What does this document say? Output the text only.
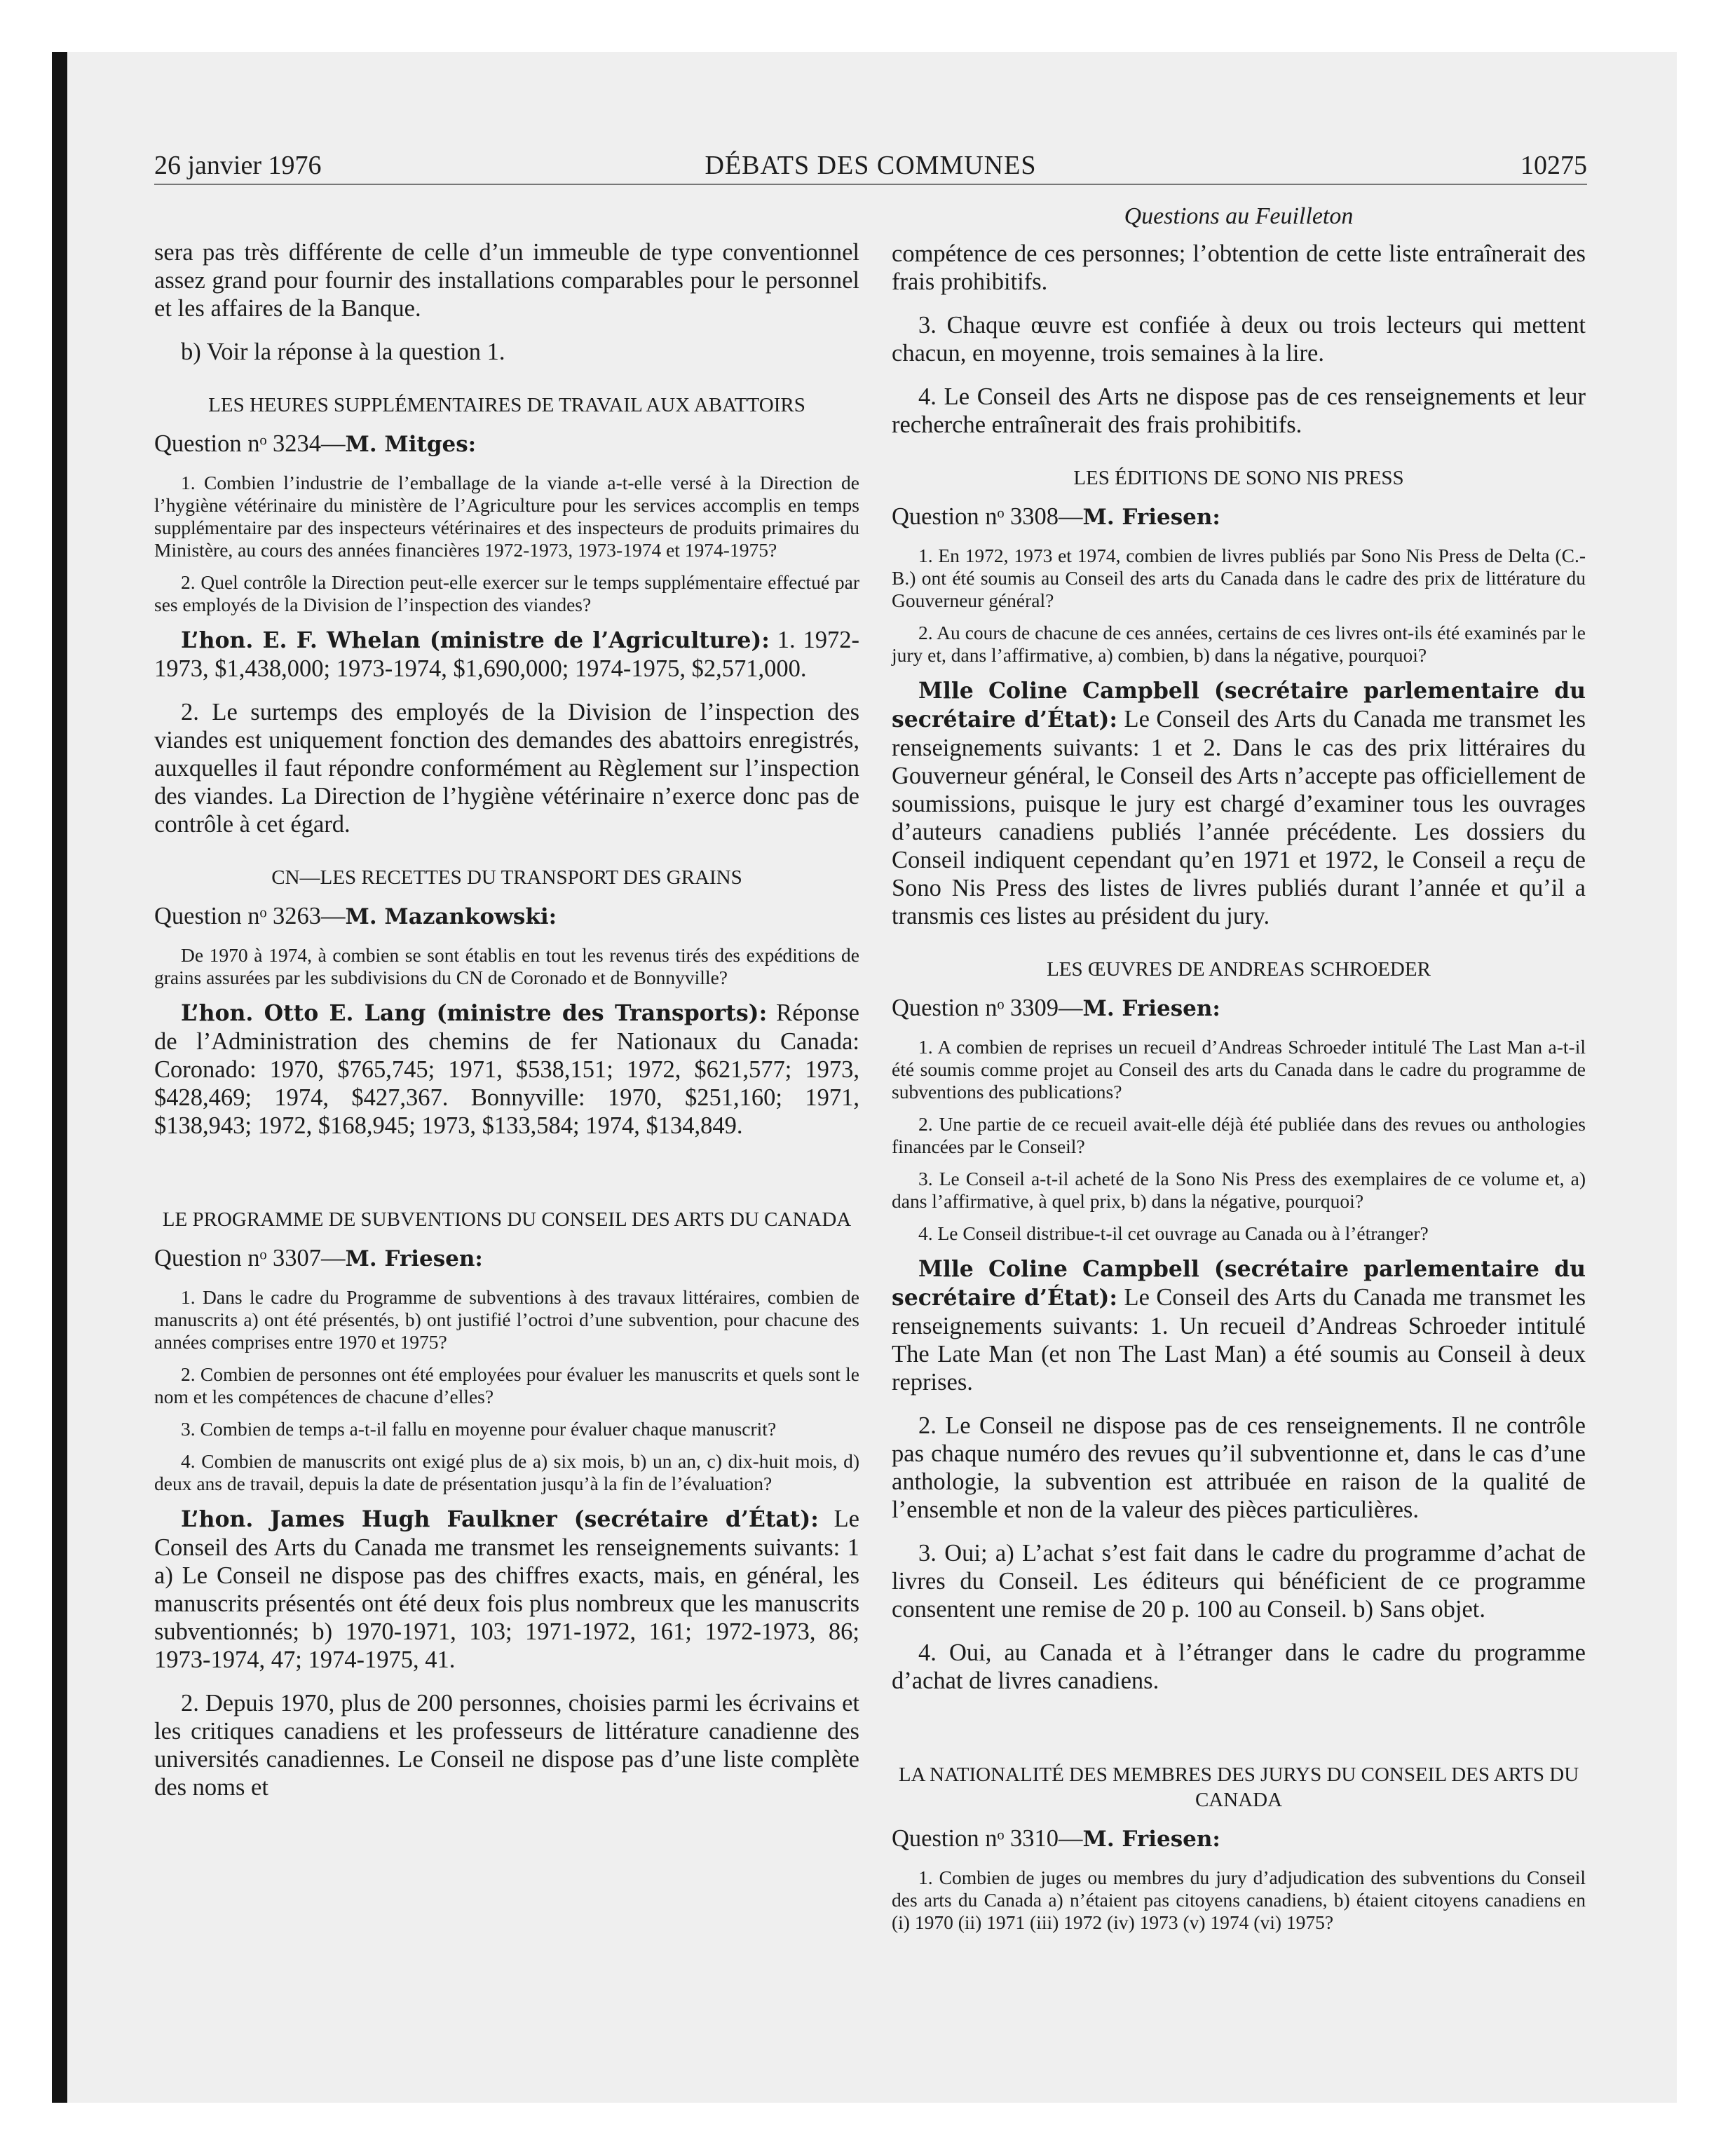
26 janvier 1976	DÉBATS DES COMMUNES	10275

sera pas très différente de celle d’un immeuble de type conventionnel assez grand pour fournir des installations comparables pour le personnel et les affaires de la Banque.

b) Voir la réponse à la question 1.

LES HEURES SUPPLÉMENTAIRES DE TRAVAIL AUX ABATTOIRS
Question nᵒ 3234—M. Mitges:

1. Combien l’industrie de l’emballage de la viande a-t-elle versé à la Direction de l’hygiène vétérinaire du ministère de l’Agriculture pour les services accomplis en temps supplémentaire par des inspecteurs vétérinaires et des inspecteurs de produits primaires du Ministère, au cours des années financières 1972-1973, 1973-1974 et 1974-1975?

2. Quel contrôle la Direction peut-elle exercer sur le temps supplémentaire effectué par ses employés de la Division de l’inspection des viandes?

L’hon. E. F. Whelan (ministre de l’Agriculture): 1. 1972-1973, $1,438,000; 1973-1974, $1,690,000; 1974-1975, $2,571,000.

2. Le surtemps des employés de la Division de l’inspection des viandes est uniquement fonction des demandes des abattoirs enregistrés, auxquelles il faut répondre conformément au Règlement sur l’inspection des viandes. La Direction de l’hygiène vétérinaire n’exerce donc pas de contrôle à cet égard.

CN—LES RECETTES DU TRANSPORT DES GRAINS
Question nᵒ 3263—M. Mazankowski:

De 1970 à 1974, à combien se sont établis en tout les revenus tirés des expéditions de grains assurées par les subdivisions du CN de Coronado et de Bonnyville?

L’hon. Otto E. Lang (ministre des Transports): Réponse de l’Administration des chemins de fer Nationaux du Canada: Coronado: 1970, $765,745; 1971, $538,151; 1972, $621,577; 1973, $428,469; 1974, $427,367. Bonnyville: 1970, $251,160; 1971, $138,943; 1972, $168,945; 1973, $133,584; 1974, $134,849.

LE PROGRAMME DE SUBVENTIONS DU CONSEIL DES ARTS DU CANADA
Question nᵒ 3307—M. Friesen:

1. Dans le cadre du Programme de subventions à des travaux littéraires, combien de manuscrits a) ont été présentés, b) ont justifié l’octroi d’une subvention, pour chacune des années comprises entre 1970 et 1975?

2. Combien de personnes ont été employées pour évaluer les manuscrits et quels sont le nom et les compétences de chacune d’elles?

3. Combien de temps a-t-il fallu en moyenne pour évaluer chaque manuscrit?

4. Combien de manuscrits ont exigé plus de a) six mois, b) un an, c) dix-huit mois, d) deux ans de travail, depuis la date de présentation jusqu’à la fin de l’évaluation?

L’hon. James Hugh Faulkner (secrétaire d’État): Le Conseil des Arts du Canada me transmet les renseignements suivants: 1 a) Le Conseil ne dispose pas des chiffres exacts, mais, en général, les manuscrits présentés ont été deux fois plus nombreux que les manuscrits subventionnés; b) 1970-1971, 103; 1971-1972, 161; 1972-1973, 86; 1973-1974, 47; 1974-1975, 41.

2. Depuis 1970, plus de 200 personnes, choisies parmi les écrivains et les critiques canadiens et les professeurs de littérature canadienne des universités canadiennes. Le Conseil ne dispose pas d’une liste complète des noms et

Questions au Feuilleton

compétence de ces personnes; l’obtention de cette liste entraînerait des frais prohibitifs.

3. Chaque œuvre est confiée à deux ou trois lecteurs qui mettent chacun, en moyenne, trois semaines à la lire.

4. Le Conseil des Arts ne dispose pas de ces renseignements et leur recherche entraînerait des frais prohibitifs.

LES ÉDITIONS DE SONO NIS PRESS
Question nᵒ 3308—M. Friesen:

1. En 1972, 1973 et 1974, combien de livres publiés par Sono Nis Press de Delta (C.-B.) ont été soumis au Conseil des arts du Canada dans le cadre des prix de littérature du Gouverneur général?

2. Au cours de chacune de ces années, certains de ces livres ont-ils été examinés par le jury et, dans l’affirmative, a) combien, b) dans la négative, pourquoi?

Mlle Coline Campbell (secrétaire parlementaire du secrétaire d’État): Le Conseil des Arts du Canada me transmet les renseignements suivants: 1 et 2. Dans le cas des prix littéraires du Gouverneur général, le Conseil des Arts n’accepte pas officiellement de soumissions, puisque le jury est chargé d’examiner tous les ouvrages d’auteurs canadiens publiés l’année précédente. Les dossiers du Conseil indiquent cependant qu’en 1971 et 1972, le Conseil a reçu de Sono Nis Press des listes de livres publiés durant l’année et qu’il a transmis ces listes au président du jury.

LES ŒUVRES DE ANDREAS SCHROEDER
Question nᵒ 3309—M. Friesen:

1. A combien de reprises un recueil d’Andreas Schroeder intitulé The Last Man a-t-il été soumis comme projet au Conseil des arts du Canada dans le cadre du programme de subventions des publications?

2. Une partie de ce recueil avait-elle déjà été publiée dans des revues ou anthologies financées par le Conseil?

3. Le Conseil a-t-il acheté de la Sono Nis Press des exemplaires de ce volume et, a) dans l’affirmative, à quel prix, b) dans la négative, pourquoi?

4. Le Conseil distribue-t-il cet ouvrage au Canada ou à l’étranger?

Mlle Coline Campbell (secrétaire parlementaire du secrétaire d’État): Le Conseil des Arts du Canada me transmet les renseignements suivants: 1. Un recueil d’Andreas Schroeder intitulé The Late Man (et non The Last Man) a été soumis au Conseil à deux reprises.

2. Le Conseil ne dispose pas de ces renseignements. Il ne contrôle pas chaque numéro des revues qu’il subventionne et, dans le cas d’une anthologie, la subvention est attribuée en raison de la qualité de l’ensemble et non de la valeur des pièces particulières.

3. Oui; a) L’achat s’est fait dans le cadre du programme d’achat de livres du Conseil. Les éditeurs qui bénéficient de ce programme consentent une remise de 20 p. 100 au Conseil. b) Sans objet.

4. Oui, au Canada et à l’étranger dans le cadre du programme d’achat de livres canadiens.

LA NATIONALITÉ DES MEMBRES DES JURYS DU CONSEIL DES ARTS DU CANADA
Question nᵒ 3310—M. Friesen:

1. Combien de juges ou membres du jury d’adjudication des subventions du Conseil des arts du Canada a) n’étaient pas citoyens canadiens, b) étaient citoyens canadiens en (i) 1970 (ii) 1971 (iii) 1972 (iv) 1973 (v) 1974 (vi) 1975?
